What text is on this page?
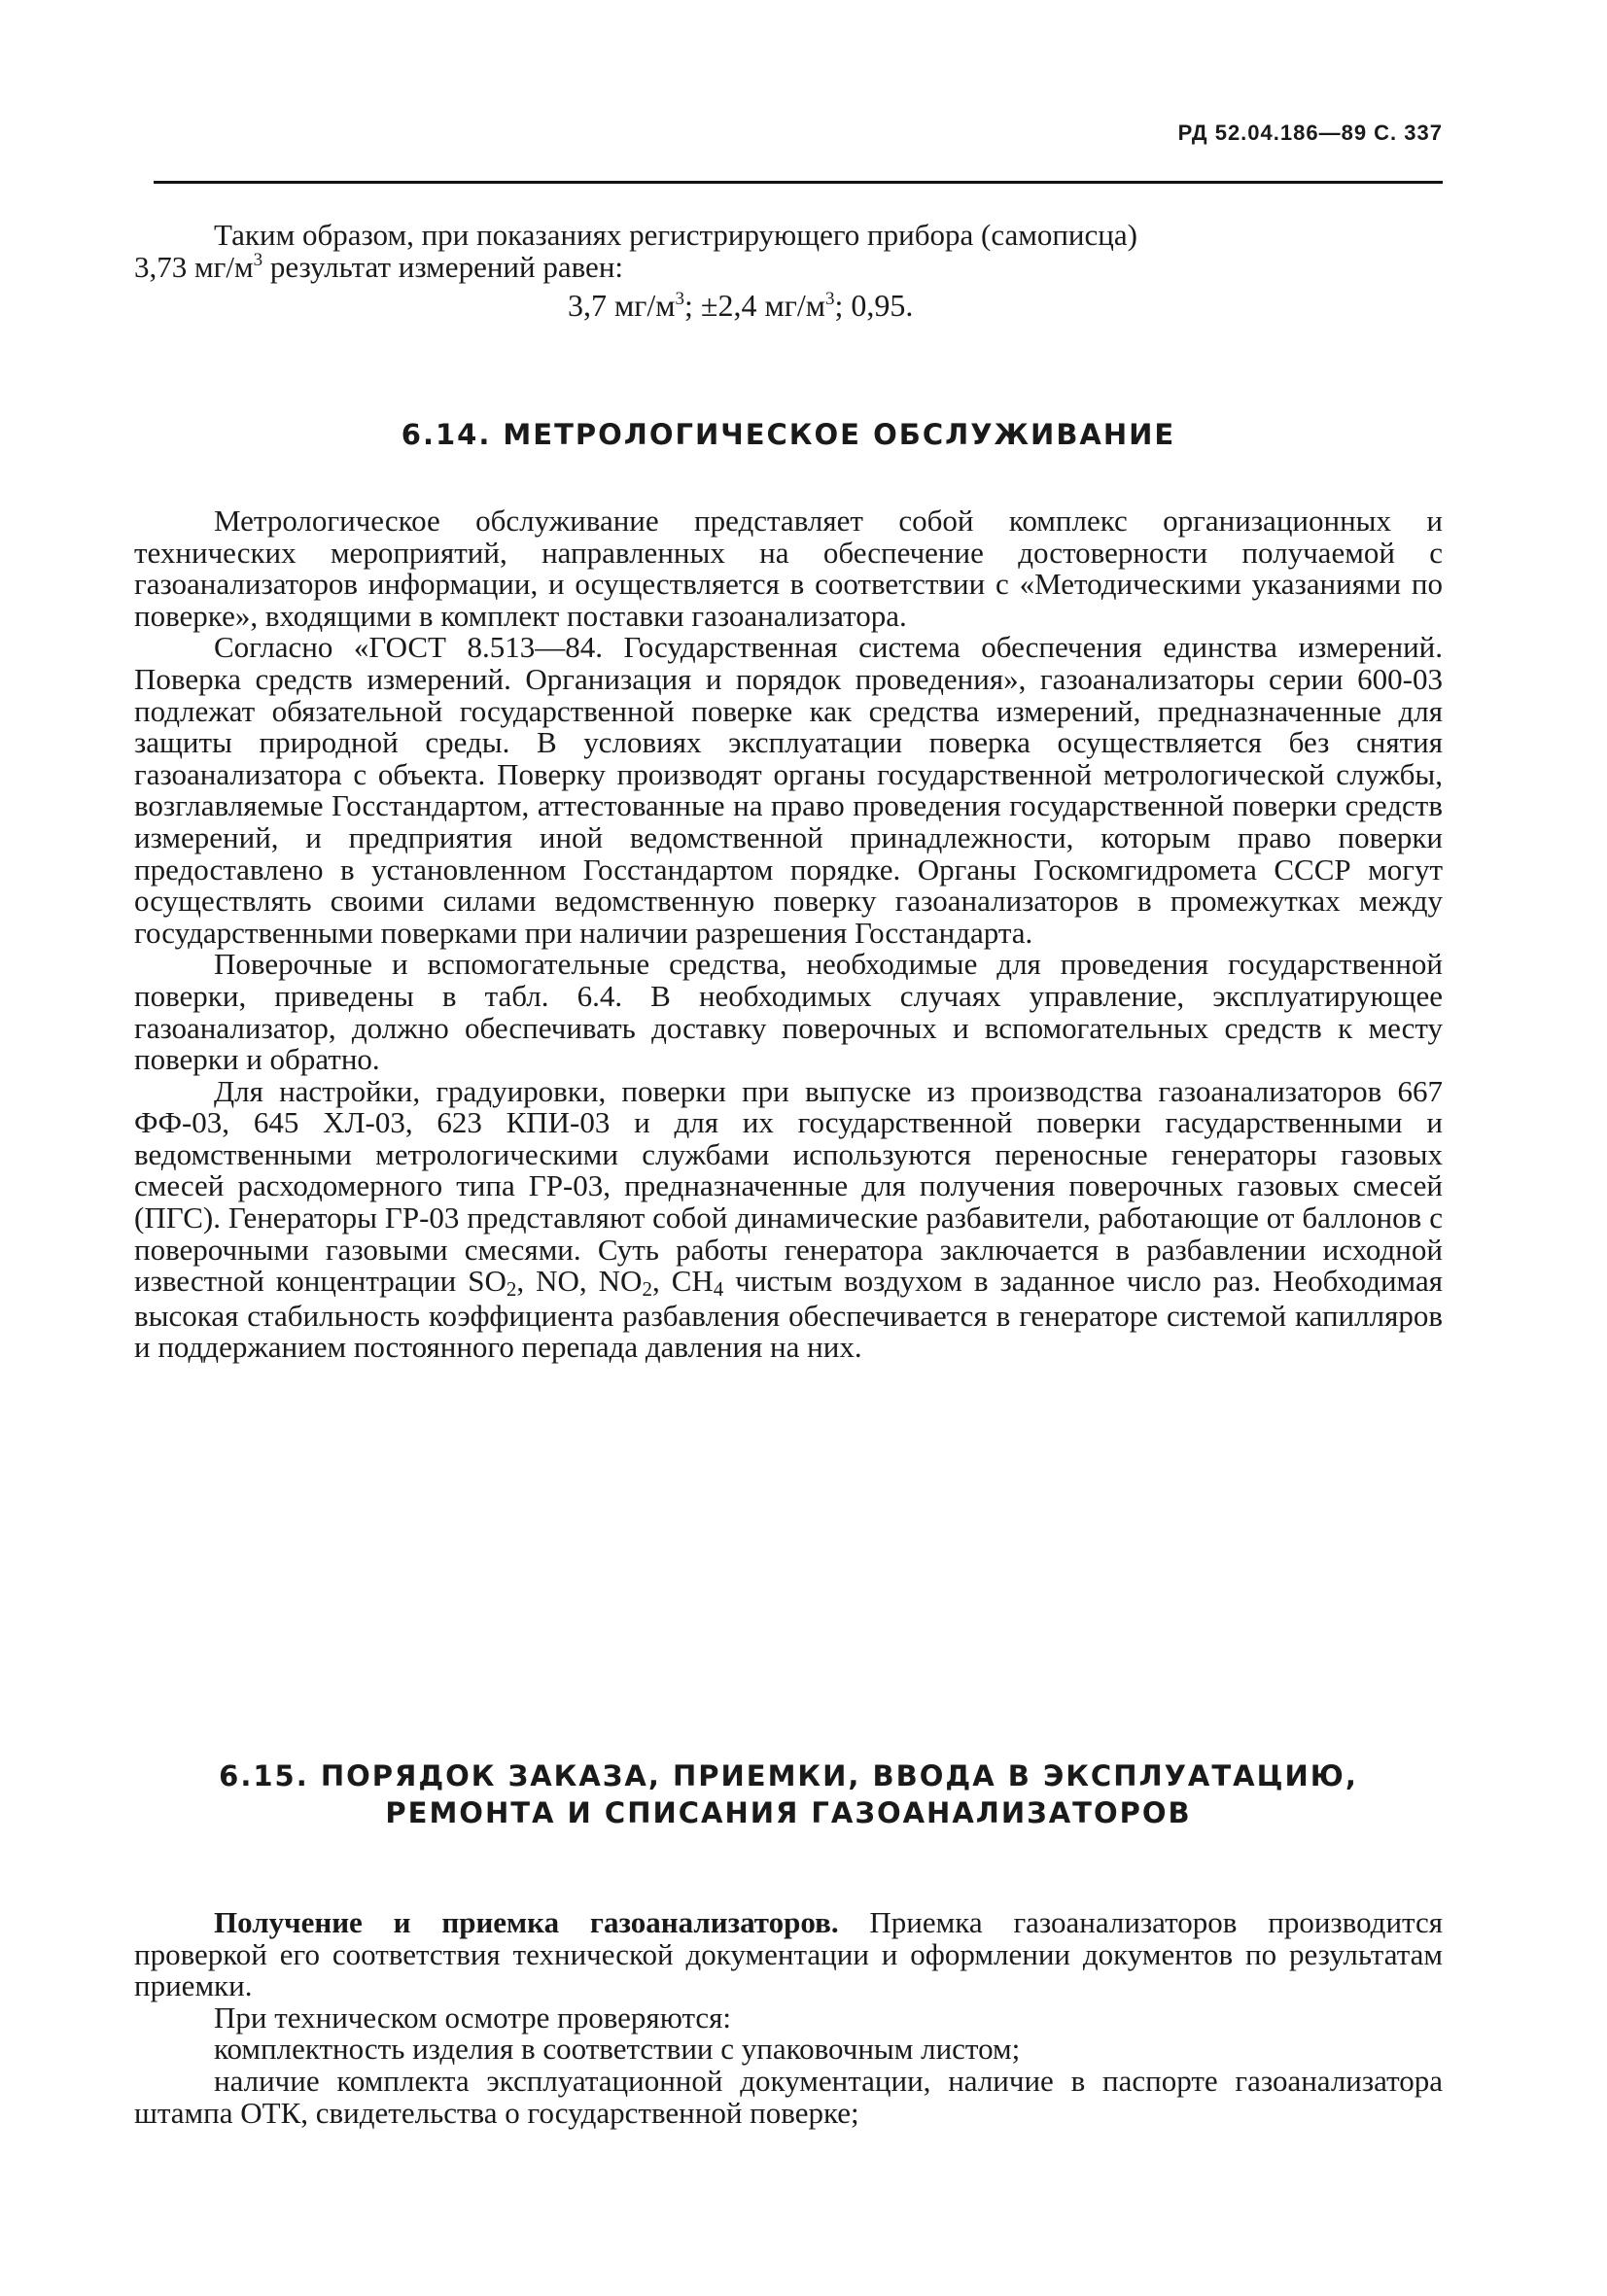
РД 52.04.186—89 С. 337

Таким образом, при показаниях регистрирующего прибора (самописца)

3,73 $мг/м^3$ результат измерений равен:

3,7 $мг/м^3$; ±2,4 $мг/м^3$; 0,95.
6.14. МЕТРОЛОГИЧЕСКОЕ ОБСЛУЖИВАНИЕ

Метрологическое обслуживание представляет собой комплекс организационных и технических мероприятий, направленных на обеспечение достоверности получаемой с газоанализаторов информации, и осуществляется в соответствии с «Методическими указаниями по поверке», входящими в комплект поставки газоанализатора.

Согласно «ГОСТ 8.513—84. Государственная система обеспечения единства измерений. Поверка средств измерений. Организация и порядок проведения», газоанализаторы серии 600-03 подлежат обязательной государственной поверке как средства измерений, предназначенные для защиты природной среды. В условиях эксплуатации поверка осуществляется без снятия газоанализатора с объекта. Поверку производят органы государственной метрологической службы, возглавляемые Госстандартом, аттестованные на право проведения государственной поверки средств измерений, и предприятия иной ведомственной принадлежности, которым право поверки предоставлено в установленном Госстандартом порядке. Органы Госкомгидромета СССР могут осуществлять своими силами ведомственную поверку газоанализаторов в промежутках между государственными поверками при наличии разрешения Госстандарта.

Поверочные и вспомогательные средства, необходимые для проведения государственной поверки, приведены в табл. 6.4. В необходимых случаях управление, эксплуатирующее газоанализатор, должно обеспечивать доставку поверочных и вспомогательных средств к месту поверки и обратно.

Для настройки, градуировки, поверки при выпуске из производства газоанализаторов 667 ФФ-03, 645 ХЛ-03, 623 КПИ-03 и для их государственной поверки гасударственными и ведомственными метрологическими службами используются переносные генераторы газовых смесей расходомерного типа ГР-03, предназначенные для получения поверочных газовых смесей (ПГС). Генераторы ГР-03 представляют собой динамические разбавители, работающие от баллонов с поверочными газовыми смесями. Суть работы генератора заключается в разбавлении исходной известной концентрации SO2, NO, NO2, CH4 чистым воздухом в заданное число раз. Необходимая высокая стабильность коэффициента разбавления обеспечивается в генераторе системой капилляров и поддержанием постоянного перепада давления на них.

6.15. ПОРЯДОК ЗАКАЗА, ПРИЕМКИ, ВВОДА В ЭКСПЛУАТАЦИЮ,
РЕМОНТА И СПИСАНИЯ ГАЗОАНАЛИЗАТОРОВ

Получение и приемка газоанализаторов. Приемка газоанализаторов производится проверкой его соответствия технической документации и оформлении документов по результатам приемки.

При техническом осмотре проверяются:

комплектность изделия в соответствии с упаковочным листом;

наличие комплекта эксплуатационной документации, наличие в паспорте газоанализатора штампа ОТК, свидетельства о государственной поверке;
